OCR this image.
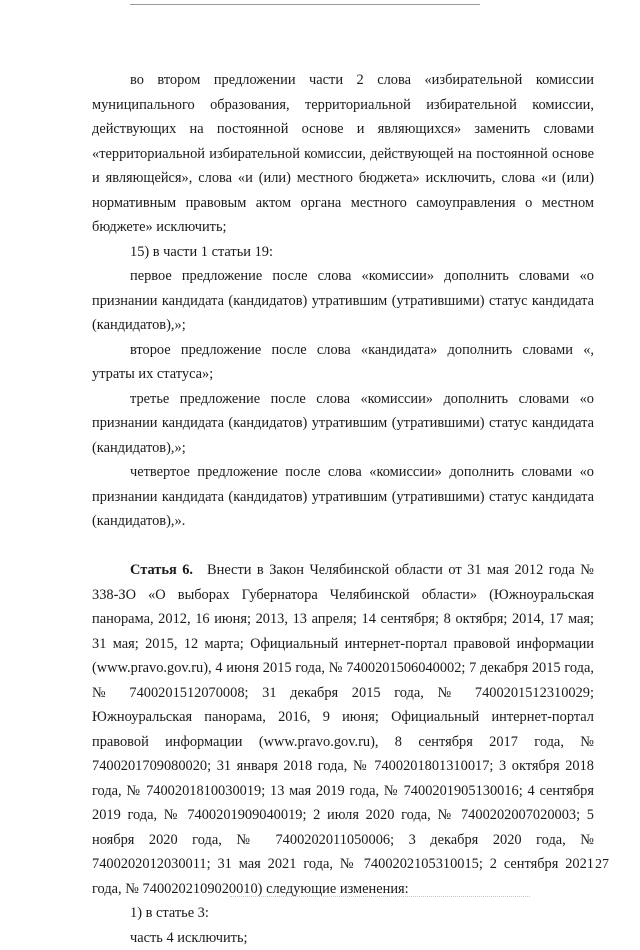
во втором предложении части 2 слова «избирательной комиссии муниципального образования, территориальной избирательной комиссии, действующих на постоянной основе и являющихся» заменить словами «территориальной избирательной комиссии, действующей на постоянной основе и являющейся», слова «и (или) местного бюджета» исключить, слова «и (или) нормативным правовым актом органа местного самоуправления о местном бюджете» исключить;

15) в части 1 статьи 19:

первое предложение после слова «комиссии» дополнить словами «о признании кандидата (кандидатов) утратившим (утратившими) статус кандидата (кандидатов),»;

второе предложение после слова «кандидата» дополнить словами «, утраты их статуса»;

третье предложение после слова «комиссии» дополнить словами «о признании кандидата (кандидатов) утратившим (утратившими) статус кандидата (кандидатов),»;

четвертое предложение после слова «комиссии» дополнить словами «о признании кандидата (кандидатов) утратившим (утратившими) статус кандидата (кандидатов),».

Статья 6. Внести в Закон Челябинской области от 31 мая 2012 года № 338-ЗО «О выборах Губернатора Челябинской области» (Южноуральская панорама, 2012, 16 июня; 2013, 13 апреля; 14 сентября; 8 октября; 2014, 17 мая; 31 мая; 2015, 12 марта; Официальный интернет-портал правовой информации (www.pravo.gov.ru), 4 июня 2015 года, № 7400201506040002; 7 декабря 2015 года, № 7400201512070008; 31 декабря 2015 года, № 7400201512310029; Южноуральская панорама, 2016, 9 июня; Официальный интернет-портал правовой информации (www.pravo.gov.ru), 8 сентября 2017 года, № 7400201709080020; 31 января 2018 года, № 7400201801310017; 3 октября 2018 года, № 7400201810030019; 13 мая 2019 года, № 7400201905130016; 4 сентября 2019 года, № 7400201909040019; 2 июля 2020 года, № 7400202007020003; 5 ноября 2020 года, № 7400202011050006; 3 декабря 2020 года, № 7400202012030011; 31 мая 2021 года, № 7400202105310015; 2 сентября 2021 года, № 7400202109020010) следующие изменения:

1) в статье 3:

часть 4 исключить;

27
